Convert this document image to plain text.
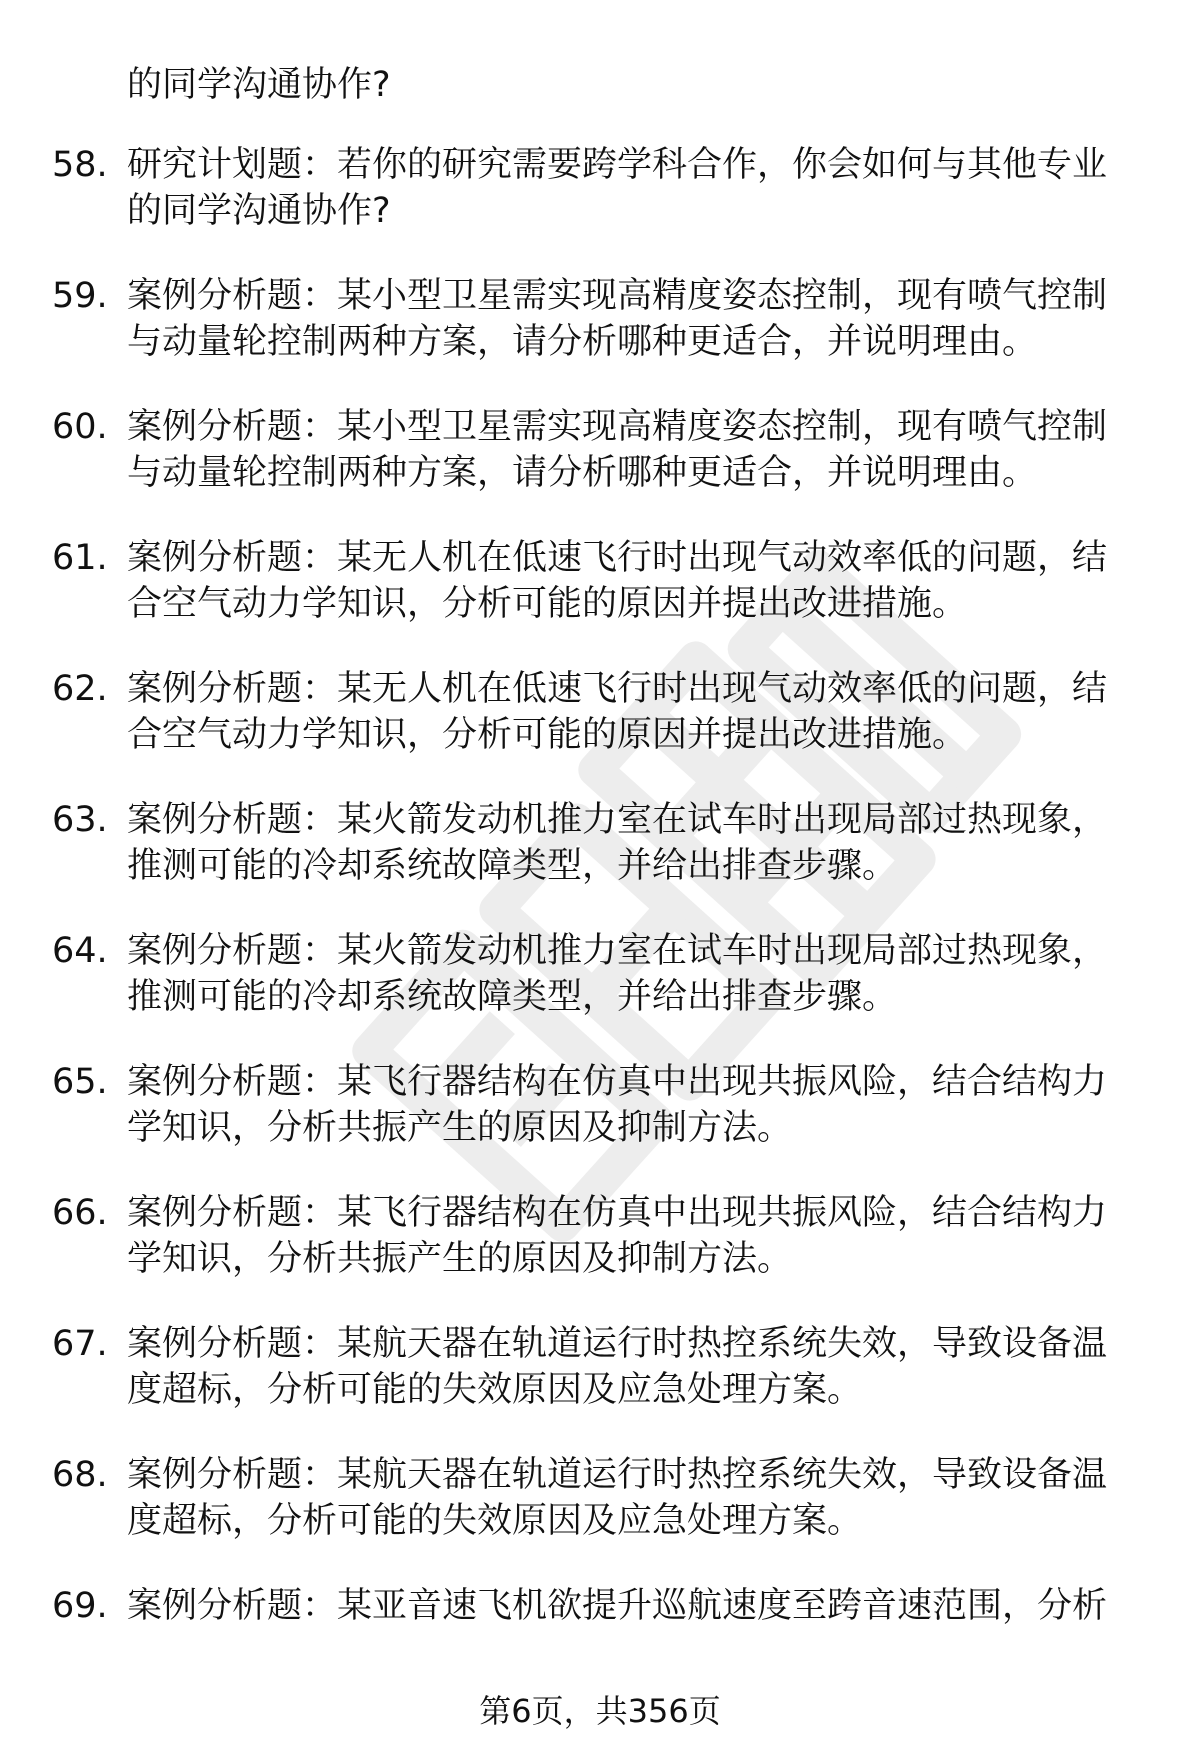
的同学沟通协作?
58. 研究计划题：若你的研究需要跨学科合作，你会如何与其他专业
的同学沟通协作?
59. 案例分析题：某小型卫星需实现高精度姿态控制，现有喷气控制
与动量轮控制两种方案，请分析哪种更适合，并说明理由。
60. 案例分析题：某小型卫星需实现高精度姿态控制，现有喷气控制
与动量轮控制两种方案，请分析哪种更适合，并说明理由。
61. 案例分析题：某无人机在低速飞行时出现气动效率低的问题，结
合空气动力学知识，分析可能的原因并提出改进措施。
62. 案例分析题：某无人机在低速飞行时出现气动效率低的问题，结
合空气动力学知识，分析可能的原因并提出改进措施。
63. 案例分析题：某火箭发动机推力室在试车时出现局部过热现象，
推测可能的冷却系统故障类型，并给出排查步骤。
64. 案例分析题：某火箭发动机推力室在试车时出现局部过热现象，
推测可能的冷却系统故障类型，并给出排查步骤。
65. 案例分析题：某飞行器结构在仿真中出现共振风险，结合结构力
学知识，分析共振产生的原因及抑制方法。
66. 案例分析题：某飞行器结构在仿真中出现共振风险，结合结构力
学知识，分析共振产生的原因及抑制方法。
67. 案例分析题：某航天器在轨道运行时热控系统失效，导致设备温
度超标，分析可能的失效原因及应急处理方案。
68. 案例分析题：某航天器在轨道运行时热控系统失效，导致设备温
度超标，分析可能的失效原因及应急处理方案。
69. 案例分析题：某亚音速飞机欲提升巡航速度至跨音速范围，分析
第6页，共356页
